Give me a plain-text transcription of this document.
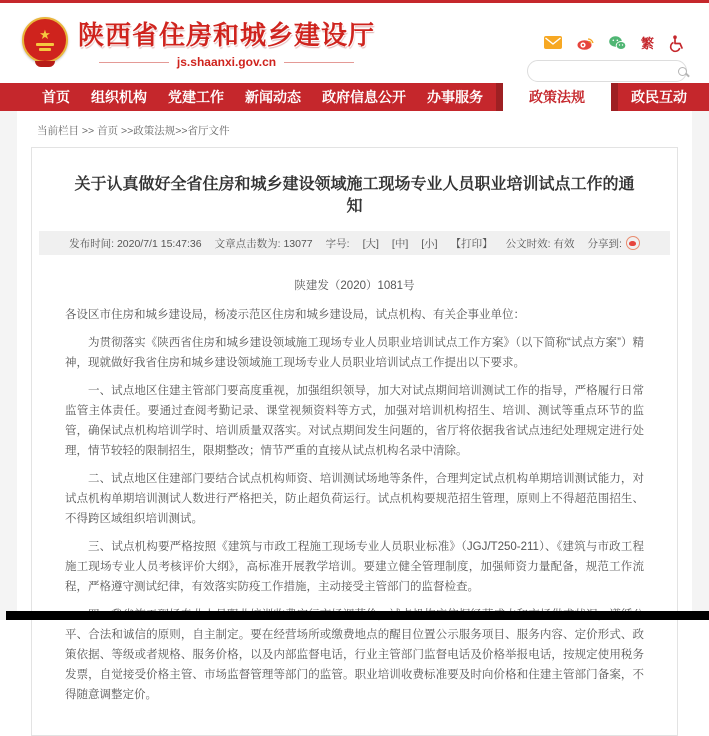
★ 陕西省住房和城乡建设厅
js.shaanxi.gov.cn
繁
首页	组织机构	党建工作	新闻动态	政府信息公开	办事服务	政策法规	政民互动
当前栏目 >> 首页 >>政策法规>>省厅文件
关于认真做好全省住房和城乡建设领域施工现场专业人员职业培训试点工作的通知
发布时间: 2020/7/1 15:47:36 文章点击数为: 13077 字号: [大] [中] [小] 【打印】 公文时效: 有效 分享到:
陕建发（2020）1081号
各设区市住房和城乡建设局，杨凌示范区住房和城乡建设局，试点机构、有关企事业单位：

为贯彻落实《陕西省住房和城乡建设领域施工现场专业人员职业培训试点工作方案》（以下简称“试点方案”）精神，现就做好我省住房和城乡建设领域施工现场专业人员职业培训试点工作提出以下要求。

一、试点地区住建主管部门要高度重视，加强组织领导，加大对试点期间培训测试工作的指导，严格履行日常监管主体责任。要通过查阅考勤记录、课堂视频资料等方式，加强对培训机构招生、培训、测试等重点环节的监管，确保试点机构培训学时、培训质量双落实。对试点期间发生问题的，省厅将依据我省试点违纪处理规定进行处理，情节较轻的限制招生，限期整改；情节严重的直接从试点机构名录中清除。

二、试点地区住建部门要结合试点机构师资、培训测试场地等条件，合理判定试点机构单期培训测试能力，对试点机构单期培训测试人数进行严格把关，防止超负荷运行。试点机构要规范招生管理，原则上不得超范围招生、不得跨区域组织培训测试。

三、试点机构要严格按照《建筑与市政工程施工现场专业人员职业标准》（JGJ/T250-211）、《建筑与市政工程施工现场专业人员考核评价大纲》，高标准开展教学培训。要建立健全管理制度，加强师资力量配备，规范工作流程，严格遵守测试纪律，有效落实防疫工作措施，主动接受主管部门的监督检查。

平、合法和诚信的原则，自主制定。要在经营场所或缴费地点的醒目位置公示服务项目、服务内容、定价形式、政策依据、等级或者规格、服务价格，以及内部监督电话，行业主管部门监督电话及价格举报电话，按规定使用税务发票，自觉接受价格主管、市场监督管理等部门的监管。职业培训收费标准要及时向价格和住建主管部门备案，不得随意调整定价。
